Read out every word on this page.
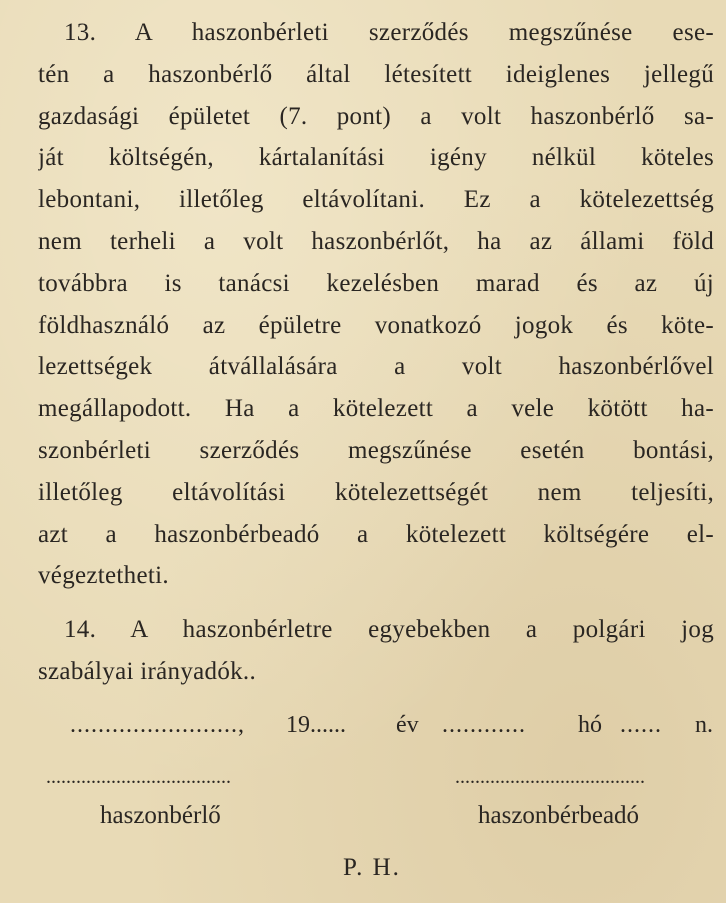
13. A haszonbérleti szerződés megszűnése ese-
tén a haszonbérlő által létesített ideiglenes jellegű
gazdasági épületet (7. pont) a volt haszonbérlő sa-
ját költségén, kártalanítási igény nélkül köteles
lebontani, illetőleg eltávolítani. Ez a kötelezettség
nem terheli a volt haszonbérlőt, ha az állami föld
továbbra is tanácsi kezelésben marad és az új
földhasználó az épületre vonatkozó jogok és köte-
lezettségek átvállalására a volt haszonbérlővel
megállapodott. Ha a kötelezett a vele kötött ha-
szonbérleti szerződés megszűnése esetén bontási,
illetőleg eltávolítási kötelezettségét nem teljesíti,
azt a haszonbérbeadó a kötelezett költségére el-
végeztetheti.
14. A haszonbérletre egyebekben a polgári jog
szabályai irányadók..
........................, 19...... év ............ hó ...... n.
.....................................	......................................
haszonbérlő	haszonbérbeadó
P. H.
